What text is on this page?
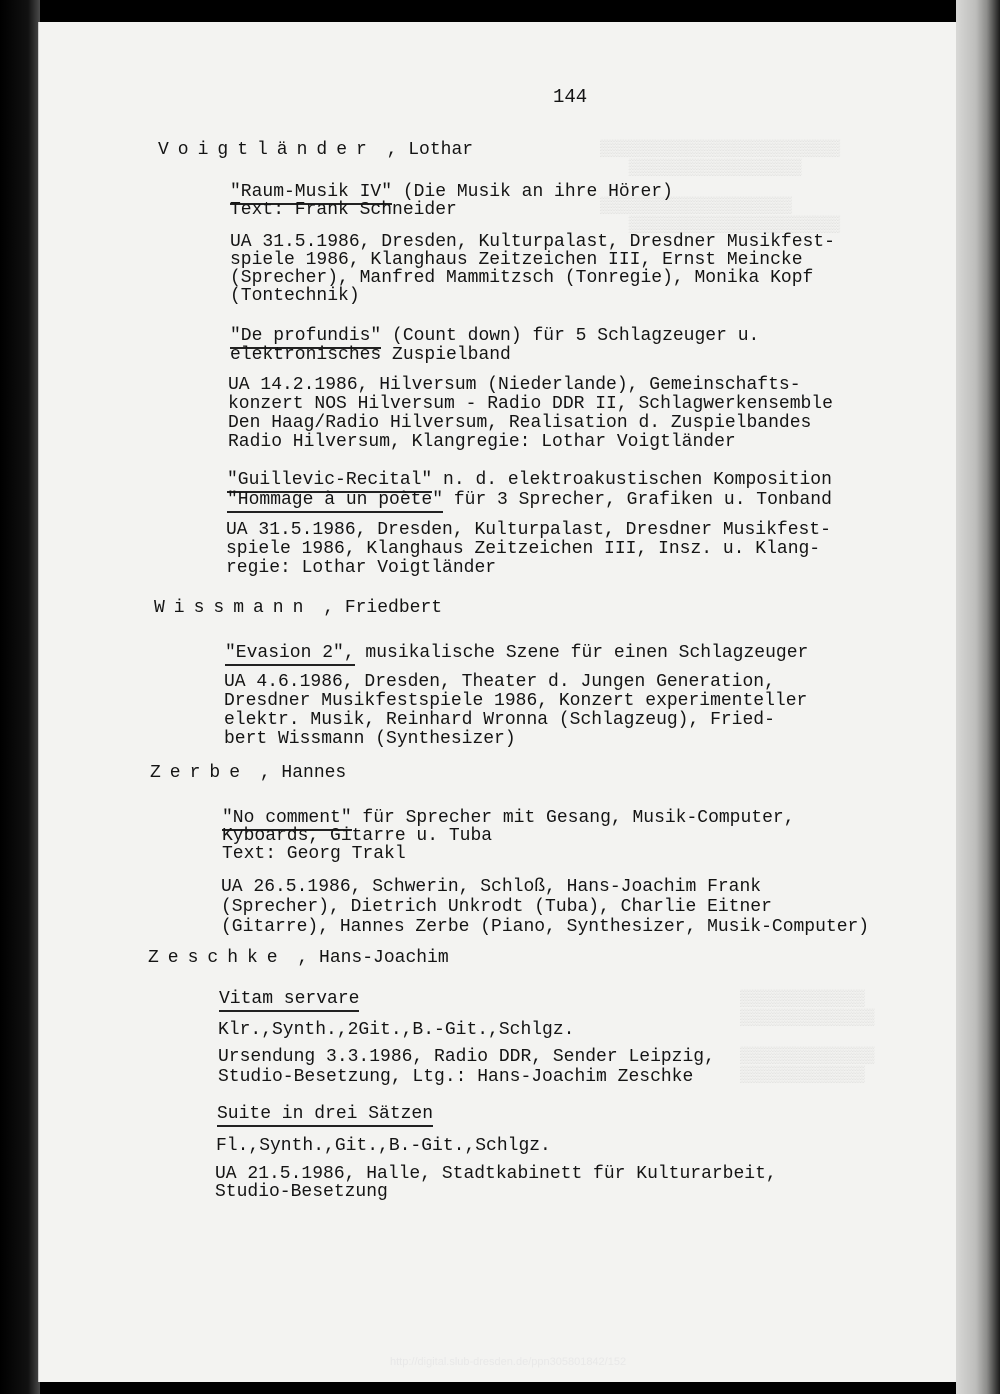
▒▒▒▒▒▒▒▒▒▒▒▒▒▒▒▒▒▒▒▒▒▒▒▒▒
▒▒▒▒▒▒▒▒▒▒▒▒▒▒▒▒▒▒

▒▒▒▒▒▒▒▒▒▒▒▒▒▒▒▒▒▒▒▒
▒▒▒▒▒▒▒▒▒▒▒▒▒▒▒▒▒▒▒▒▒▒
▒▒▒▒▒▒▒▒▒▒▒▒▒
▒▒▒▒▒▒▒▒▒▒▒▒▒▒

▒▒▒▒▒▒▒▒▒▒▒▒▒▒
▒▒▒▒▒▒▒▒▒▒▒▒▒
144
Voigtländer , Lothar
"Raum-Musik IV" (Die Musik an ihre Hörer)
Text: Frank Schneider
UA 31.5.1986, Dresden, Kulturpalast, Dresdner Musikfest-
spiele 1986, Klanghaus Zeitzeichen III, Ernst Meincke
(Sprecher), Manfred Mammitzsch (Tonregie), Monika Kopf
(Tontechnik)
"De profundis" (Count down) für 5 Schlagzeuger u.
elektronisches Zuspielband
UA 14.2.1986, Hilversum (Niederlande), Gemeinschafts-
konzert NOS Hilversum - Radio DDR II, Schlagwerkensemble
Den Haag/Radio Hilversum, Realisation d. Zuspielbandes
Radio Hilversum, Klangregie: Lothar Voigtländer
"Guillevic-Recital" n. d. elektroakustischen Komposition
"Hommage à un poète" für 3 Sprecher, Grafiken u. Tonband
UA 31.5.1986, Dresden, Kulturpalast, Dresdner Musikfest-
spiele 1986, Klanghaus Zeitzeichen III, Insz. u. Klang-
regie: Lothar Voigtländer
Wissmann , Friedbert
"Evasion 2", musikalische Szene für einen Schlagzeuger
UA 4.6.1986, Dresden, Theater d. Jungen Generation,
Dresdner Musikfestspiele 1986, Konzert experimenteller
elektr. Musik, Reinhard Wronna (Schlagzeug), Fried-
bert Wissmann (Synthesizer)
Zerbe , Hannes
"No comment" für Sprecher mit Gesang, Musik-Computer,
Kyboards, Gitarre u. Tuba
Text: Georg Trakl
UA 26.5.1986, Schwerin, Schloß, Hans-Joachim Frank
(Sprecher), Dietrich Unkrodt (Tuba), Charlie Eitner
(Gitarre), Hannes Zerbe (Piano, Synthesizer, Musik-Computer)
Zeschke , Hans-Joachim
Vitam servare
Klr.,Synth.,2Git.,B.-Git.,Schlgz.
Ursendung 3.3.1986, Radio DDR, Sender Leipzig,
Studio-Besetzung, Ltg.: Hans-Joachim Zeschke
Suite in drei Sätzen
Fl.,Synth.,Git.,B.-Git.,Schlgz.
UA 21.5.1986, Halle, Stadtkabinett für Kulturarbeit,
Studio-Besetzung
http://digital.slub-dresden.de/ppn305801842/152
